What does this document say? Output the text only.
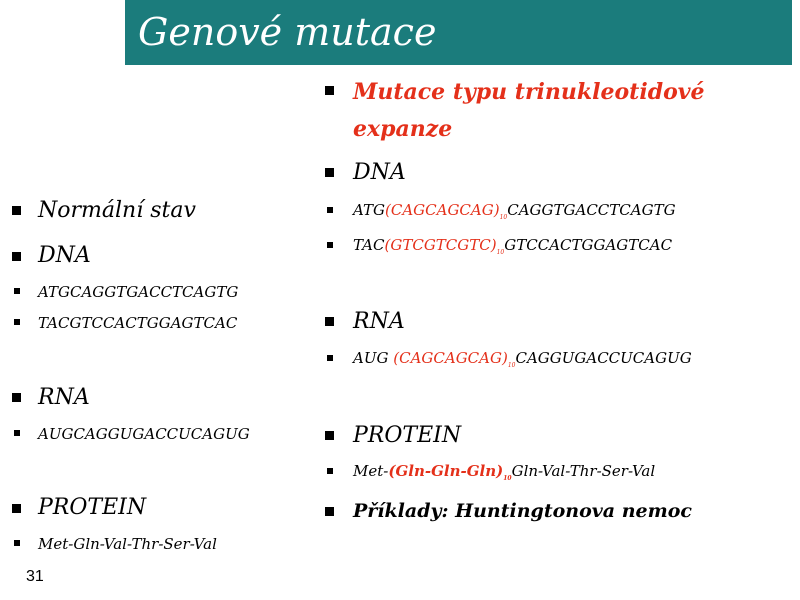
Genové mutace
Normální stav
DNA
ATGCAGGTGACCTCAGTG
TACGTCCACTGGAGTCAC
RNA
AUGCAGGUGACCUCAGUG
PROTEIN
Met-Gln-Val-Thr-Ser-Val
Mutace typu trinukleotidové
expanze
DNA
$ATG(CAGCAGCAG)_{10}CAGGTGACCTCAGTG$
$TAC(GTCGTCGTC)_{10}GTCCACTGGAGTCAC$
RNA
AUG $(CAGCAGCAG)_{10}CAGGUGACCUCAGUG$
PROTEIN
Met-$(Gln-Gln-Gln)_{10}Gln-Val-Thr-Ser$-Val
Příklady: Huntingtonova nemoc
31
